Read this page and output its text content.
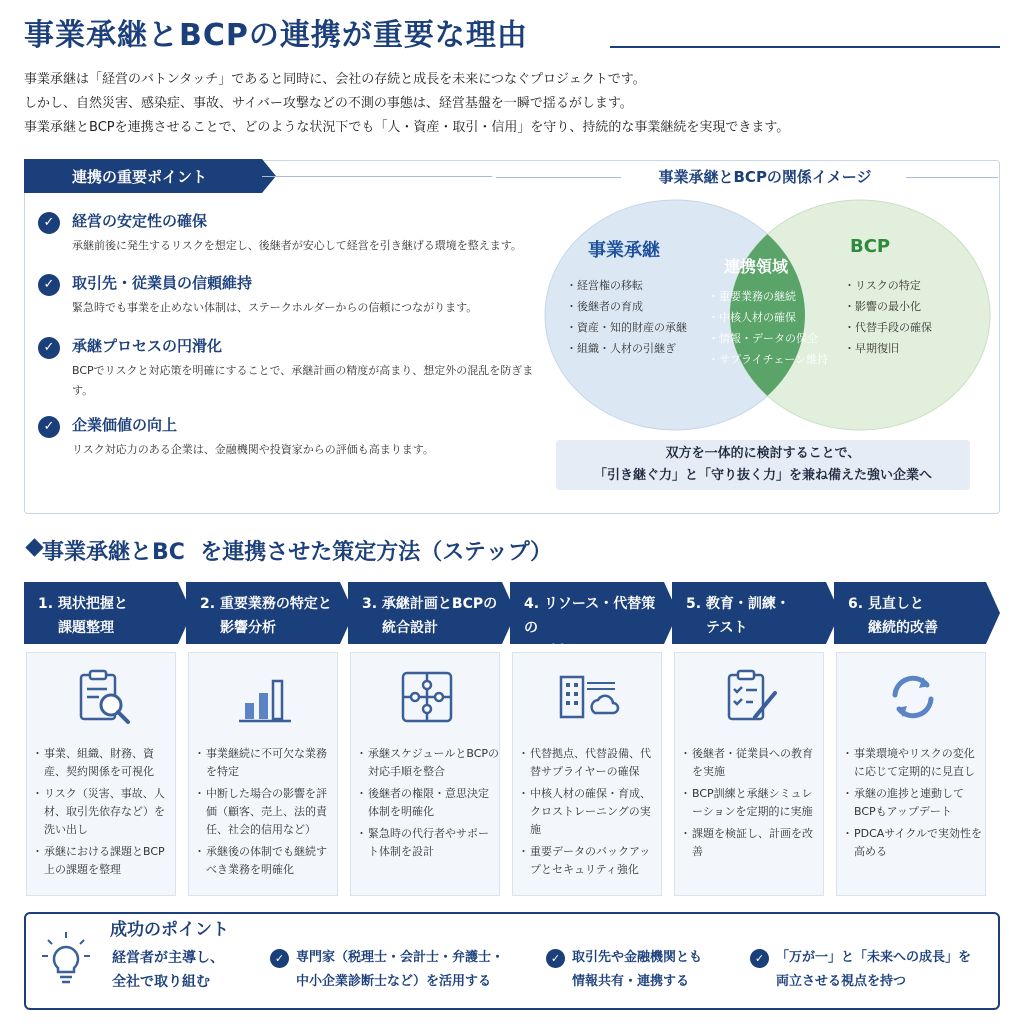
事業承継とBCPの連携が重要な理由

事業承継は「経営のバトンタッチ」であると同時に、会社の存続と成長を未来につなぐプロジェクトです。

しかし、自然災害、感染症、事故、サイバー攻撃などの不測の事態は、経営基盤を一瞬で揺るがします。

事業承継とBCPを連携させることで、どのような状況下でも「人・資産・取引・信用」を守り、持続的な事業継続を実現できます。

連携の重要ポイント
✓	経営の安定性の確保
承継前後に発生するリスクを想定し、後継者が安心して経営を引き継げる環境を整えます。
✓	取引先・従業員の信頼維持
緊急時でも事業を止めない体制は、ステークホルダーからの信頼につながります。
✓	承継プロセスの円滑化
BCPでリスクと対応策を明確にすることで、承継計画の精度が高まり、想定外の混乱を防ぎます。
✓	企業価値の向上
リスク対応力のある企業は、金融機関や投資家からの評価も高まります。
事業承継とBCPの関係イメージ
事業承継
・経営権の移転
・後継者の育成
・資産・知的財産の承継
・組織・人材の引継ぎ
連携領域
・重要業務の継続
・中核人材の確保
・情報・データの保全
・サプライチェーン維持
BCP
・リスクの特定
・影響の最小化
・代替手段の確保
・早期復旧
双方を一体的に検討することで、
「引き継ぐ力」と「守り抜く力」を兼ね備えた強い企業へ
事業承継とBC  を連携させた策定方法（ステップ）
1. 現状把握と
課題整理
2. 重要業務の特定と
影響分析
3. 承継計画とBCPの
統合設計
4. リソース・代替策の
5. 教育・訓練・
テスト
6. 見直しと
継続的改善
・ 事業、組織、財務、資産、契約関係を可視化
・ リスク（災害、事故、人材、取引先依存など）を洗い出し
・ 承継における課題とBCP上の課題を整理
・ 事業継続に不可欠な業務を特定
・ 中断した場合の影響を評価（顧客、売上、法的責任、社会的信用など）
・ 承継後の体制でも継続すべき業務を明確化
・ 承継スケジュールとBCPの対応手順を整合
・ 後継者の権限・意思決定体制を明確化
・ 緊急時の代行者やサポート体制を設計
・ 代替拠点、代替設備、代替サプライヤーの確保
・ 中核人材の確保・育成、クロストレーニングの実施
・ 重要データのバックアップとセキュリティ強化
・ 後継者・従業員への教育を実施
・ BCP訓練と承継シミュレーションを定期的に実施
・ 課題を検証し、計画を改善
・ 事業環境やリスクの変化に応じて定期的に見直し
・ 承継の進捗と連動してBCPもアップデート
・ PDCAサイクルで実効性を高める
成功のポイント
経営者が主導し、
全社で取り組む
✓ 専門家（税理士・会計士・弁護士・
中小企業診断士など）を活用する
✓ 取引先や金融機関とも
情報共有・連携する
✓ 「万が一」と「未来への成長」を
両立させる視点を持つ
